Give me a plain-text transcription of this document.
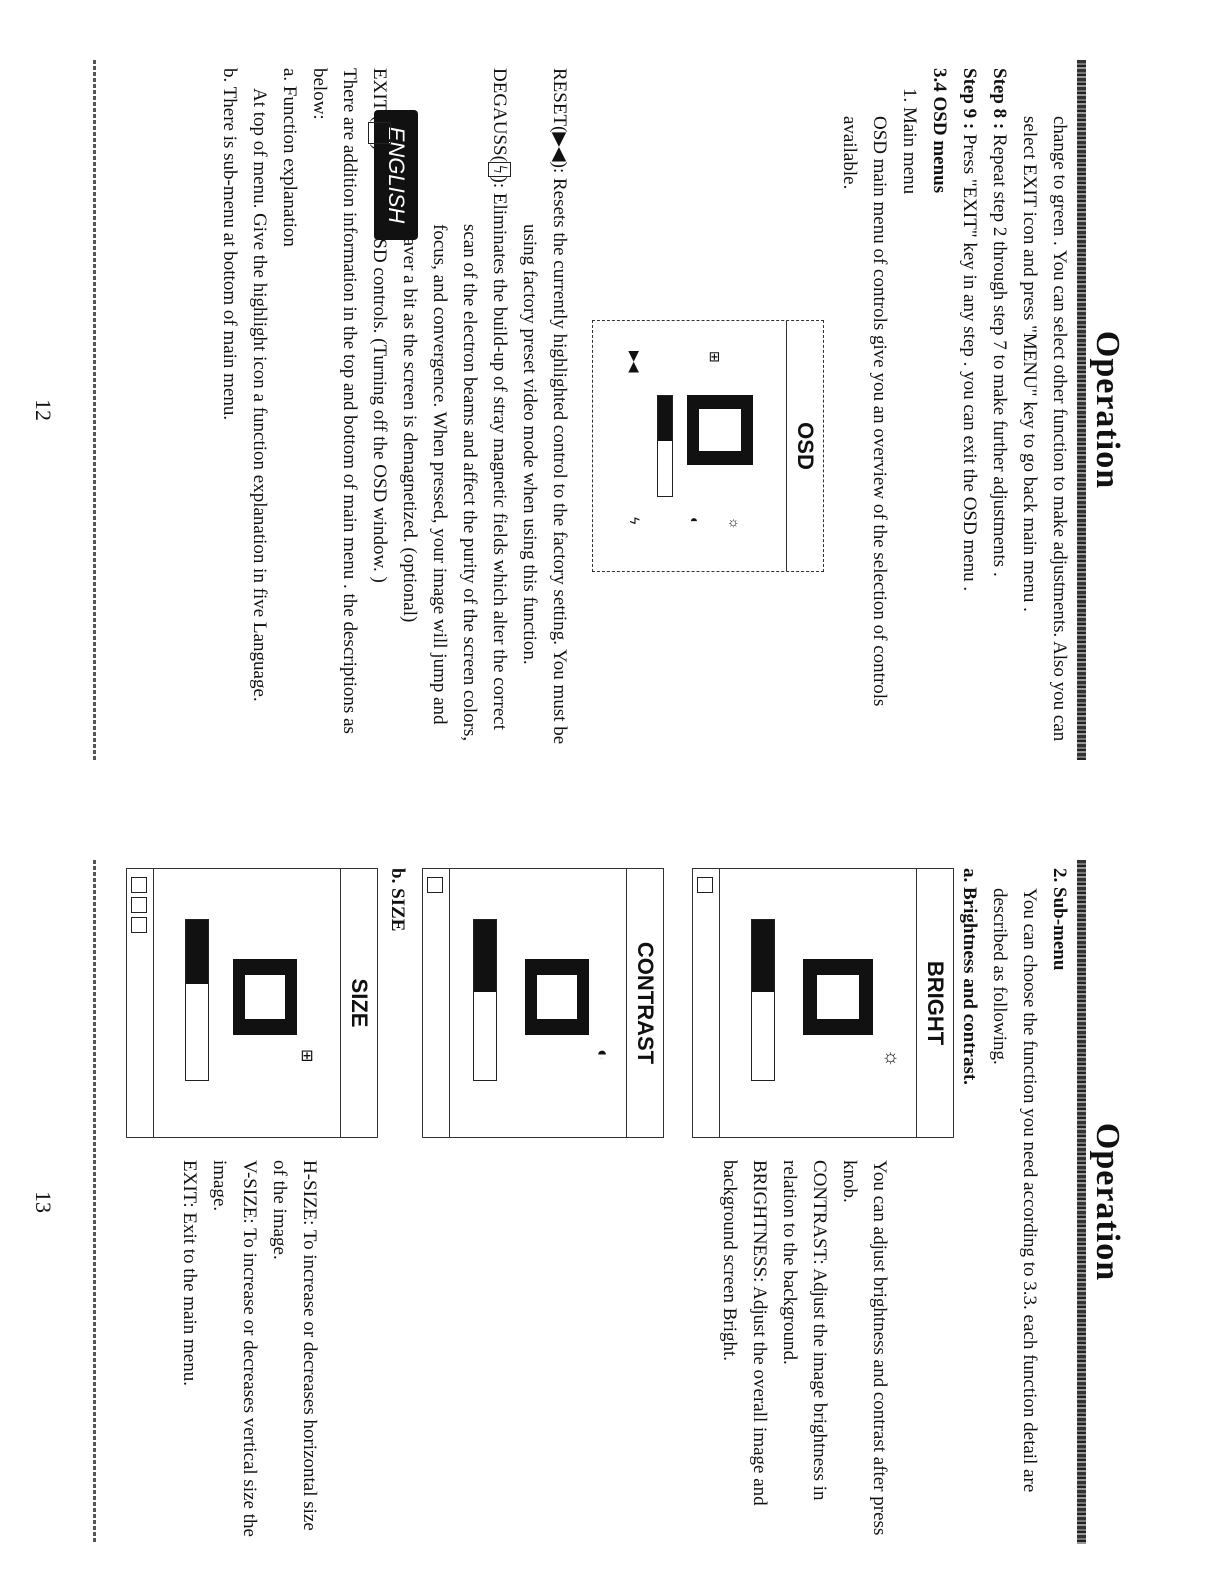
Operation
ENGLISH	change to green . You can select other function to make adjustments. Also you can select EXIT icon and press "MENU" key to go back main menu .

Step 8 : Repeat step 2 through step 7 to make further adjustments .

Step 9 : Press "EXIT" key in any step . you can exit the OSD menu .

3.4 OSD menus

1. Main menu

OSD main menu of controls give you an overview of the selection of controls available.

OSD
☼
◐
⊞
▶◀
ϟ

RESET(▶◀): Resets the currently highlighted control to the factory setting. You must be using factory preset video mode when using this function.

DEGAUSS(ϟ): Eliminates the build-up of stray magnetic fields which alter the correct scan of the electron beams and affect the purity of the screen colors, focus, and convergence. When pressed, your image will jump and waver a bit as the screen is demagnetized. (optional)

EXIT (✕): Exit the OSD controls. (Turning off the OSD window. )

There are addition information in the top and bottom of main menu . the descriptions as below:

a. Function explanation

At top of menu. Give the highlight icon a function explanation in five Language.

b. There is sub-menu at bottom of main menu.

12
Operation

2. Sub-menu

You can choose the function you need according to 3.3. each function detail are described as following.

a. Brightness and contrast.

BRIGHT
☼

You can adjust brightness and contrast after press knob.

CONTRAST: Adjust the image brightness in relation to the background.

BRIGHTNESS: Adjust the overall image and background screen Bright.

CONTRAST
◐

b. SIZE

SIZE
⊞

H-SIZE: To increase or decreases horizontal size of the image.

V-SIZE: To increase or decreases vertical size the image.

EXIT: Exit to the main menu.

13
